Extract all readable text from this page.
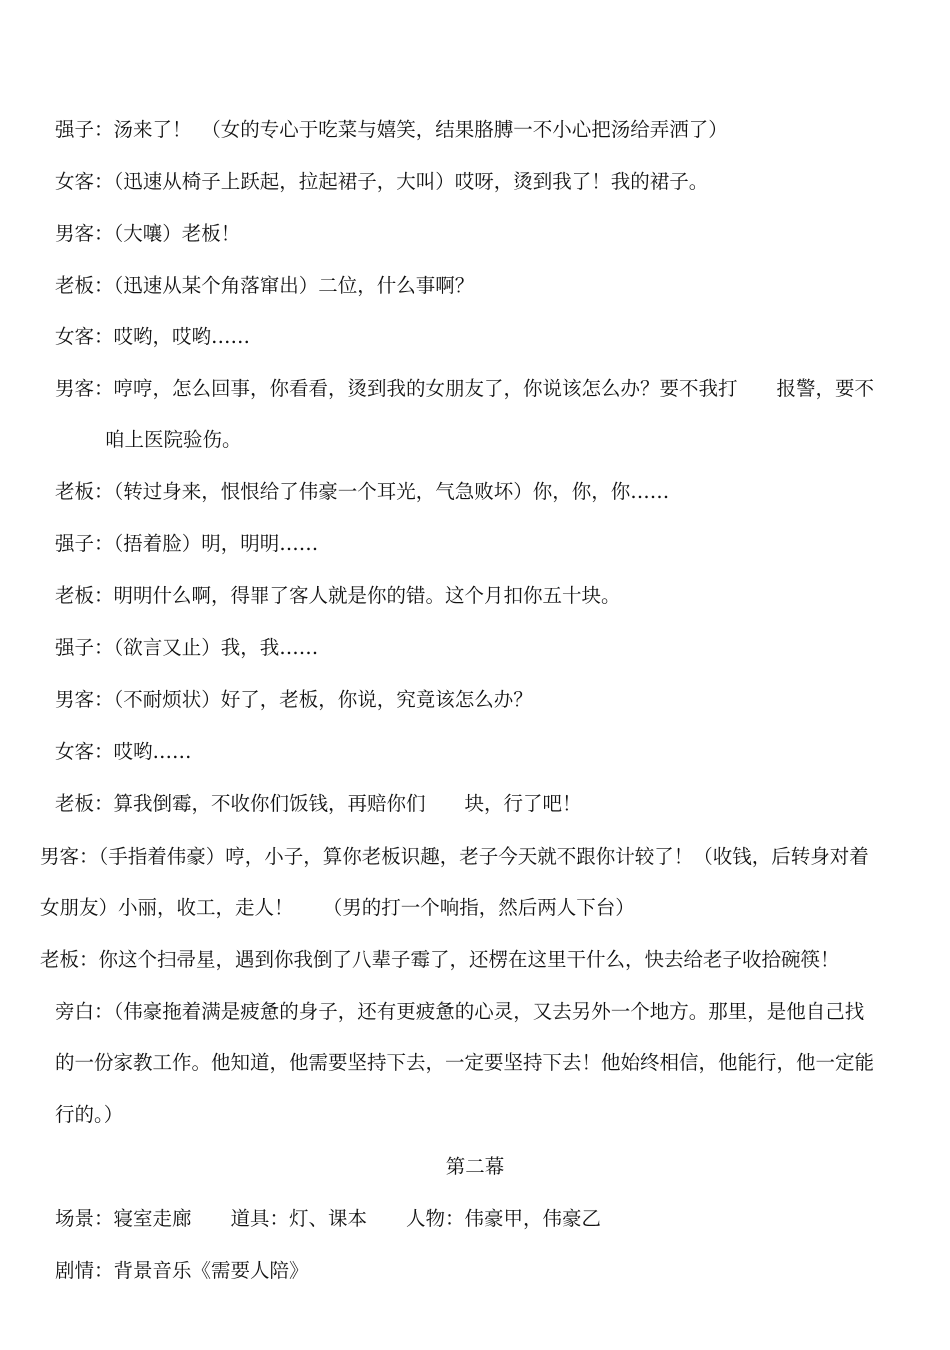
强子：汤来了！　（女的专心于吃菜与嬉笑，结果胳膊一不小心把汤给弄洒了）
女客：（迅速从椅子上跃起，拉起裙子，大叫）哎呀，烫到我了！我的裙子。
男客：（大嚷）老板！
老板：（迅速从某个角落窜出）二位，什么事啊？
女客：哎哟，哎哟……
男客：哼哼，怎么回事，你看看，烫到我的女朋友了，你说该怎么办？要不我打　　报警，要不
咱上医院验伤。
老板：（转过身来，恨恨给了伟豪一个耳光，气急败坏）你，你，你……
强子：（捂着脸）明，明明……
老板：明明什么啊，得罪了客人就是你的错。这个月扣你五十块。
强子：（欲言又止）我，我……
男客：（不耐烦状）好了，老板，你说，究竟该怎么办？
女客：哎哟……
老板：算我倒霉，不收你们饭钱，再赔你们　　块，行了吧！
男客：（手指着伟豪）哼，小子，算你老板识趣，老子今天就不跟你计较了！（收钱，后转身对着
女朋友）小丽，收工，走人！　　（男的打一个响指，然后两人下台）
老板：你这个扫帚星，遇到你我倒了八辈子霉了，还楞在这里干什么，快去给老子收拾碗筷！
旁白：（伟豪拖着满是疲惫的身子，还有更疲惫的心灵，又去另外一个地方。那里，是他自己找
的一份家教工作。他知道，他需要坚持下去，一定要坚持下去！他始终相信，他能行，他一定能
行的。）
第二幕
场景：寝室走廊　　道具：灯、课本　　人物：伟豪甲，伟豪乙
剧情：背景音乐《需要人陪》
